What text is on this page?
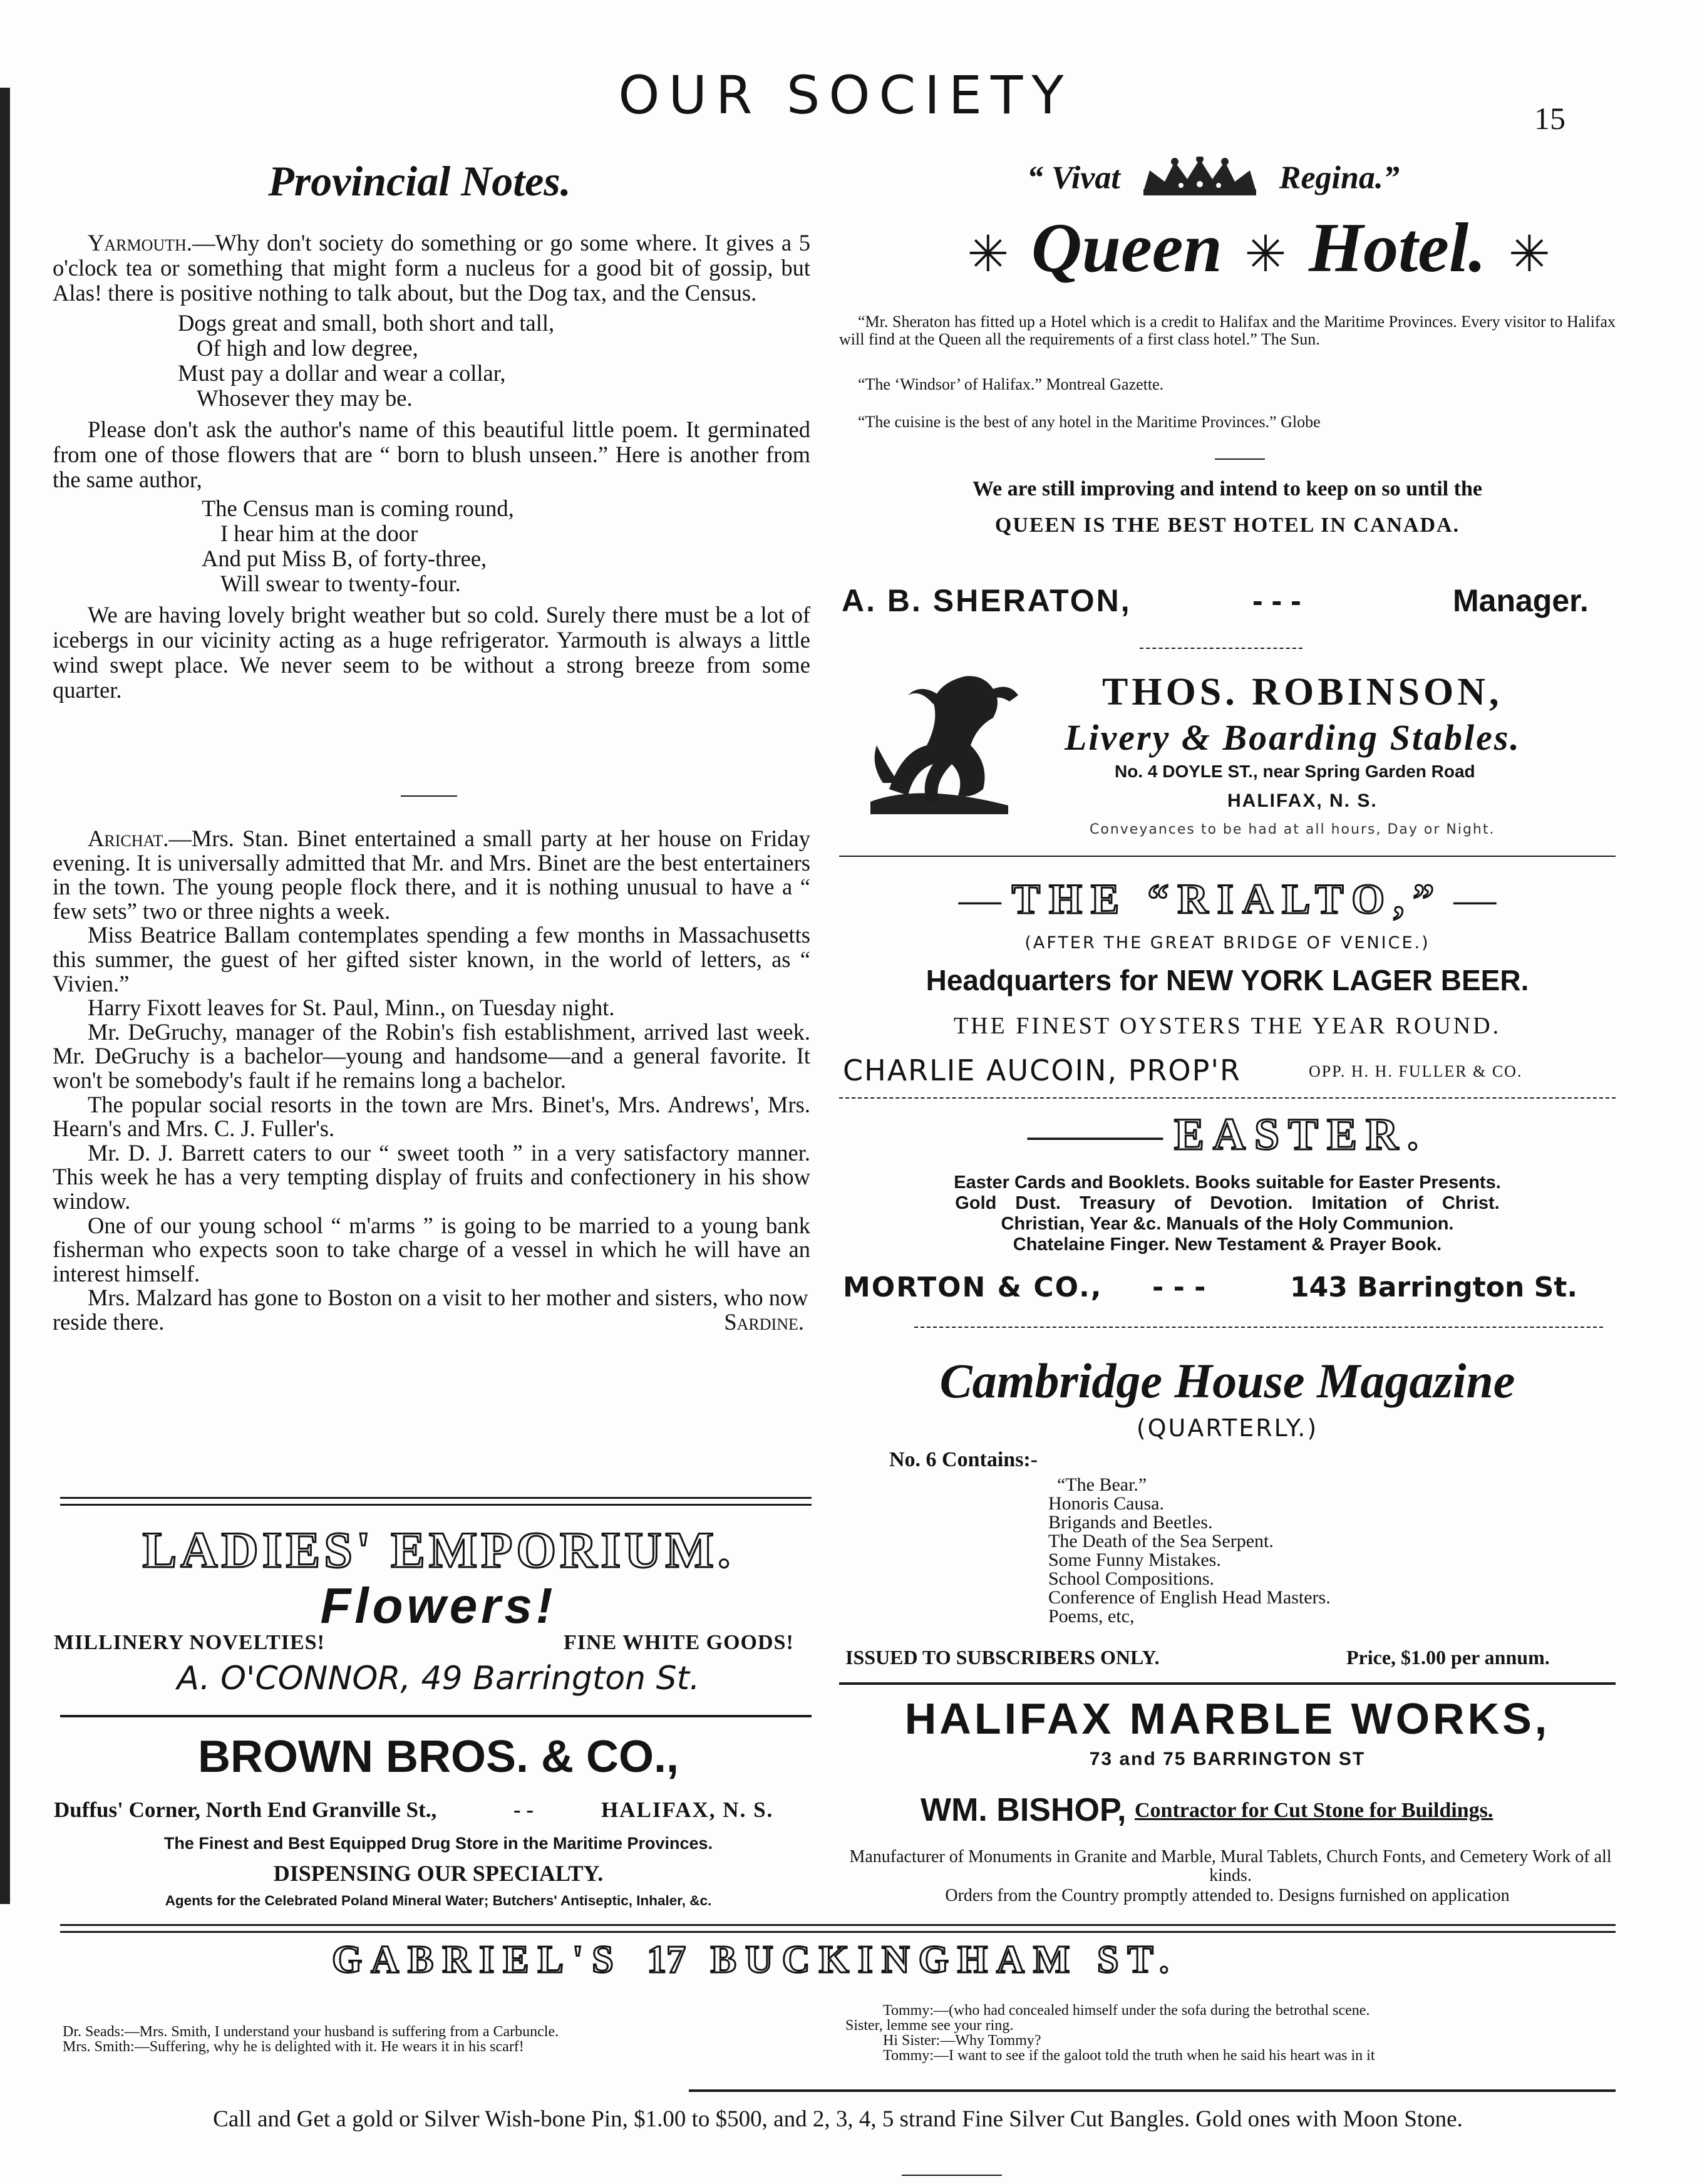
OUR SOCIETY	15
Provincial Notes.

Yarmouth.—Why don't society do something or go some where. It gives a 5 o'clock tea or something that might form a nucleus for a good bit of gossip, but Alas! there is positive nothing to talk about, but the Dog tax, and the Census.

Dogs great and small, both short and tall,

Of high and low degree,

Must pay a dollar and wear a collar,

Whosever they may be.

Please don't ask the author's name of this beautiful little poem. It germinated from one of those flowers that are “ born to blush unseen.” Here is another from the same author,

The Census man is coming round,

I hear him at the door

And put Miss B, of forty-three,

Will swear to twenty-four.

We are having lovely bright weather but so cold. Surely there must be a lot of icebergs in our vicinity acting as a huge refrigerator. Yarmouth is always a little wind swept place. We never seem to be without a strong breeze from some quarter.

Arichat.—Mrs. Stan. Binet entertained a small party at her house on Friday evening. It is universally admitted that Mr. and Mrs. Binet are the best entertainers in the town. The young people flock there, and it is nothing unusual to have a “ few sets” two or three nights a week.

Miss Beatrice Ballam contemplates spending a few months in Massachusetts this summer, the guest of her gifted sister known, in the world of letters, as “ Vivien.”

Harry Fixott leaves for St. Paul, Minn., on Tuesday night.

Mr. DeGruchy, manager of the Robin's fish establishment, arrived last week. Mr. DeGruchy is a bachelor—young and handsome—and a general favorite. It won't be somebody's fault if he remains long a bachelor.

The popular social resorts in the town are Mrs. Binet's, Mrs. Andrews', Mrs. Hearn's and Mrs. C. J. Fuller's.

Mr. D. J. Barrett caters to our “ sweet tooth ” in a very satisfactory manner. This week he has a very tempting display of fruits and confectionery in his show window.

One of our young school “ m'arms ” is going to be married to a young bank fisherman who expects soon to take charge of a vessel in which he will have an interest himself.

Mrs. Malzard has gone to Boston on a visit to her mother and sisters, who now reside there.	Sardine.

LADIES' EMPORIUM.
Flowers!
MILLINERY NOVELTIES!	FINE WHITE GOODS!
A. O'CONNOR, 49 Barrington St.
BROWN BROS. & CO.,
Duffus' Corner, North End Granville St.,	- -	HALIFAX, N. S.
The Finest and Best Equipped Drug Store in the Maritime Provinces.
DISPENSING OUR SPECIALTY.
Agents for the Celebrated Poland Mineral Water; Butchers' Antiseptic, Inhaler, &c.
“ Vivat	Regina.”
✳ Queen ✳ Hotel. ✳
“Mr. Sheraton has fitted up a Hotel which is a credit to Halifax and the Maritime Provinces. Every visitor to Halifax will find at the Queen all the requirements of a first class hotel.” The Sun.
“The ‘Windsor’ of Halifax.” Montreal Gazette.
“The cuisine is the best of any hotel in the Maritime Provinces.” Globe
We are still improving and intend to keep on so until the
QUEEN IS THE BEST HOTEL IN CANADA.
A. B. SHERATON,	- - -	Manager.
THOS. ROBINSON,
Livery & Boarding Stables.
No. 4 DOYLE ST., near Spring Garden Road
HALIFAX, N. S.
Conveyances to be had at all hours, Day or Night.
— THE “RIALTO,” —
(AFTER THE GREAT BRIDGE OF VENICE.)
Headquarters for NEW YORK LAGER BEER.
THE FINEST OYSTERS THE YEAR ROUND.
CHARLIE AUCOIN, PROP'R	OPP. H. H. FULLER & CO.
——— EASTER.

Easter Cards and Booklets. Books suitable for Easter Presents.

Gold Dust. Treasury of Devotion. Imitation of Christ.

Christian, Year &c. Manuals of the Holy Communion.

Chatelaine Finger. New Testament & Prayer Book.

MORTON & CO., - - -	143 Barrington St.
Cambridge House Magazine
(QUARTERLY.)
No. 6 Contains:-

“The Bear.”

Honoris Causa.

Brigands and Beetles.

The Death of the Sea Serpent.

Some Funny Mistakes.

School Compositions.

Conference of English Head Masters.

Poems, etc,

ISSUED TO SUBSCRIBERS ONLY.	Price, $1.00 per annum.
HALIFAX MARBLE WORKS,
73 and 75 BARRINGTON ST
WM. BISHOP, Contractor for Cut Stone for Buildings.
Manufacturer of Monuments in Granite and Marble, Mural Tablets, Church Fonts, and Cemetery Work of all kinds.
Orders from the Country promptly attended to. Designs furnished on application
GABRIEL'S 17 BUCKINGHAM ST.

Dr. Seads:—Mrs. Smith, I understand your husband is suffering from a Carbuncle.

Mrs. Smith:—Suffering, why he is delighted with it. He wears it in his scarf!

Tommy:—(who had concealed himself under the sofa during the betrothal scene.

Sister, lemme see your ring.

Hi Sister:—Why Tommy?

Tommy:—I want to see if the galoot told the truth when he said his heart was in it

Call and Get a gold or Silver Wish-bone Pin, $1.00 to $500, and 2, 3, 4, 5 strand Fine Silver Cut Bangles. Gold ones with Moon Stone.
